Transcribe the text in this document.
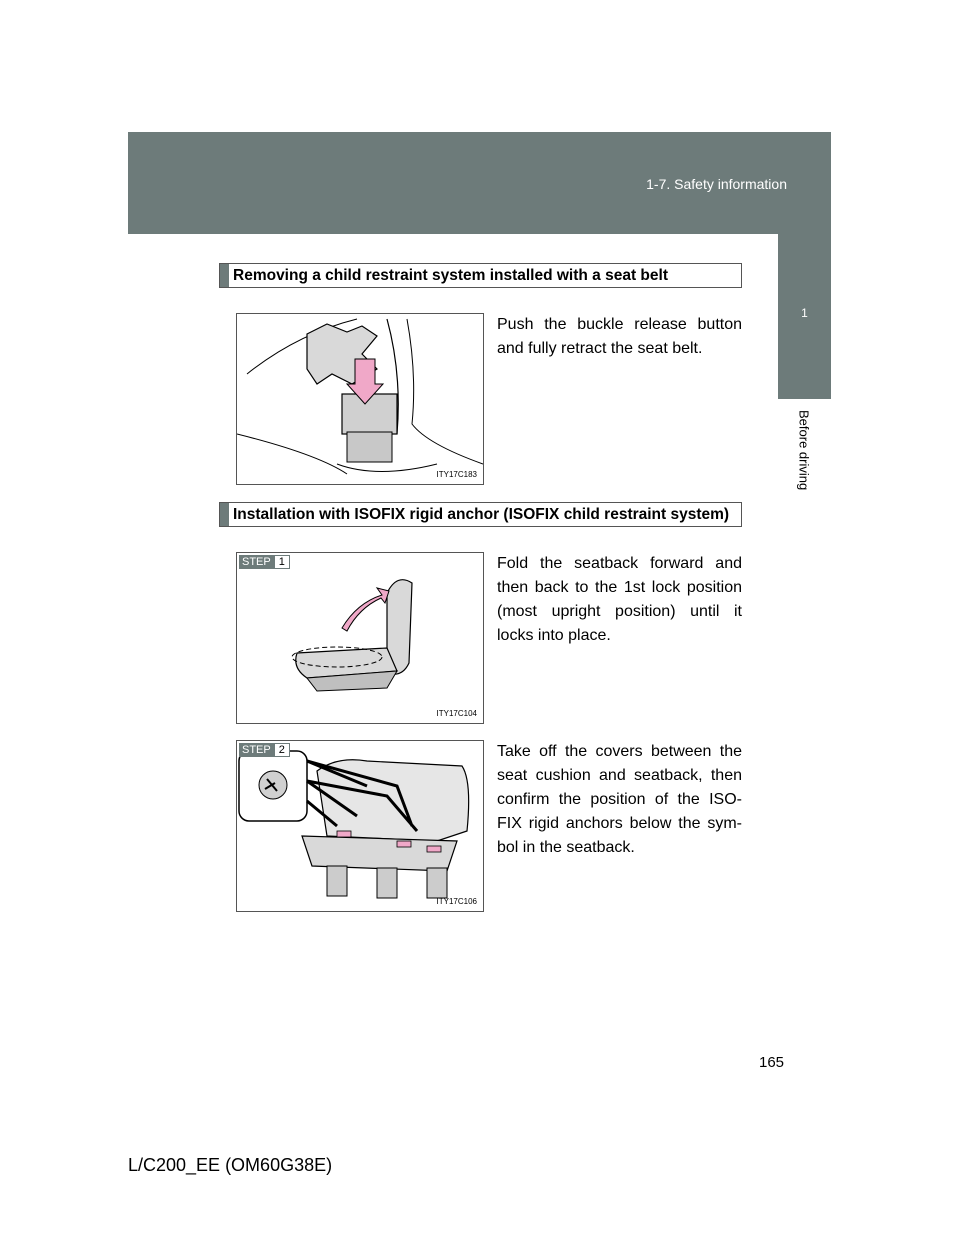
1-7. Safety information
1
Before driving
Removing a child restraint system installed with a seat belt
ITY17C183
Push the buckle release button and fully retract the seat belt.
Installation with ISOFIX rigid anchor (ISOFIX child restraint system)
STEP 1
ITY17C104
Fold the seatback forward and then back to the 1st lock position (most upright position) until it locks into place.
STEP 2
ITY17C106
Take off the covers between the seat cushion and seatback, then confirm the position of the ISO-FIX rigid anchors below the sym-bol in the seatback.
165
L/C200_EE (OM60G38E)
